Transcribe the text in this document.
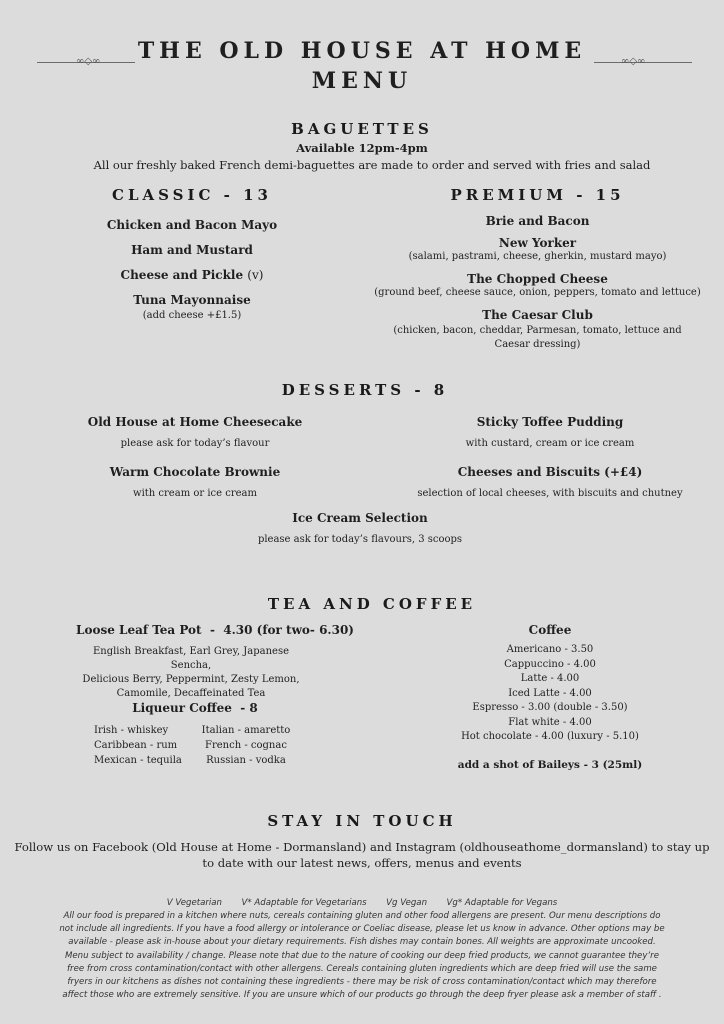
∞◇∞	∞◇∞
THE OLD HOUSE AT HOME
MENU
BAGUETTES
Available 12pm-4pm
All our freshly baked French demi-baguettes are made to order and served with fries and salad
CLASSIC - 13
Chicken and Bacon Mayo
Ham and Mustard
Cheese and Pickle (v)
Tuna Mayonnaise
(add cheese +£1.5)
PREMIUM - 15
Brie and Bacon
New Yorker
(salami, pastrami, cheese, gherkin, mustard mayo)
The Chopped Cheese
(ground beef, cheese sauce, onion, peppers, tomato and lettuce)
The Caesar Club
(chicken, bacon, cheddar, Parmesan, tomato, lettuce and
Caesar dressing)
DESSERTS - 8
Old House at Home Cheesecake
please ask for today’s flavour
Sticky Toffee Pudding
with custard, cream or ice cream
Warm Chocolate Brownie
with cream or ice cream
Cheeses and Biscuits (+£4)
selection of local cheeses, with biscuits and chutney
Ice Cream Selection
please ask for today’s flavours, 3 scoops
TEA AND COFFEE
Loose Leaf Tea Pot  -  4.30 (for two- 6.30)
English Breakfast, Earl Grey, Japanese Sencha,
Delicious Berry, Peppermint, Zesty Lemon,
Camomile, Decaffeinated Tea
Liqueur Coffee  - 8
Irish - whiskey
Caribbean - rum
Mexican - tequila
Italian - amaretto
French - cognac
Russian - vodka
Coffee
Americano - 3.50
Cappuccino - 4.00
Latte - 4.00
Iced Latte - 4.00
Espresso - 3.00 (double - 3.50)
Flat white - 4.00
Hot chocolate - 4.00 (luxury - 5.10)
add a shot of Baileys - 3 (25ml)
STAY IN TOUCH
Follow us on Facebook (Old House at Home - Dormansland) and Instagram (oldhouseathome_dormansland) to stay up
to date with our latest news, offers, menus and events
V Vegetarian V* Adaptable for Vegetarians Vg Vegan Vg* Adaptable for Vegans
All our food is prepared in a kitchen where nuts, cereals containing gluten and other food allergens are present. Our menu descriptions do
not include all ingredients. If you have a food allergy or intolerance or Coeliac disease, please let us know in advance. Other options may be
available - please ask in-house about your dietary requirements. Fish dishes may contain bones. All weights are approximate uncooked.
Menu subject to availability / change. Please note that due to the nature of cooking our deep fried products, we cannot guarantee they’re
free from cross contamination/contact with other allergens. Cereals containing gluten ingredients which are deep fried will use the same
fryers in our kitchens as dishes not containing these ingredients - there may be risk of cross contamination/contact which may therefore
affect those who are extremely sensitive. If you are unsure which of our products go through the deep fryer please ask a member of staff .
